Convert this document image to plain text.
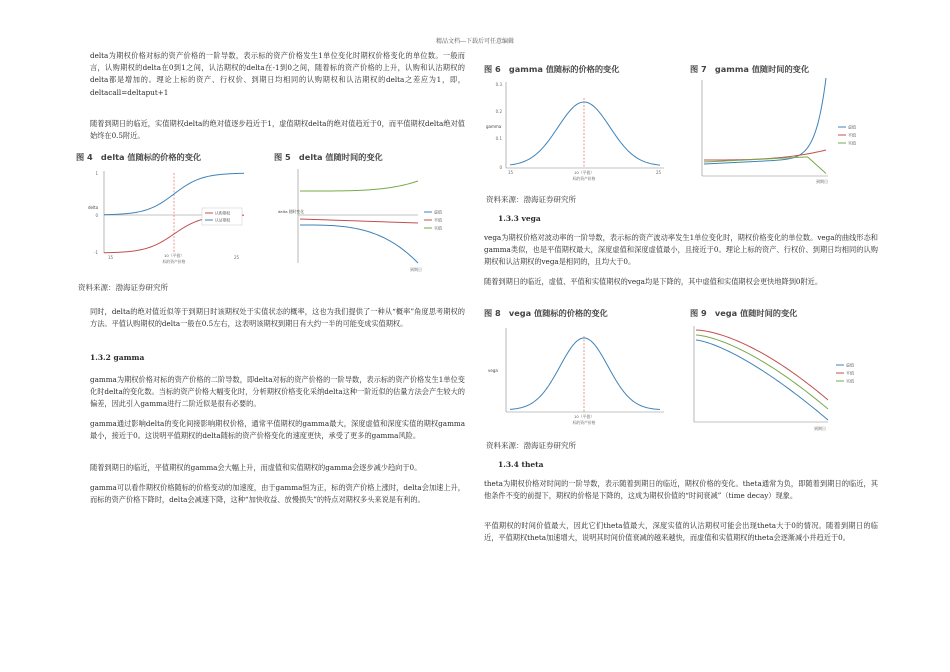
精品文档---下载后可任意编辑

delta为期权价格对标的资产价格的一阶导数，表示标的资产价格发生1单位变化时期权价格变化的单位数。一般而言，认购期权的delta在0到1之间，认沽期权的delta在-1到0之间，随着标的资产价格的上升，认购和认沽期权的delta都是增加的。理论上标的资产、行权价、到期日均相同的认购期权和认沽期权的delta之差应为1，即，deltacall=deltaput+1

随着到期日的临近，实值期权delta的绝对值逐步趋近于1，虚值期权delta的绝对值趋近于0，而平值期权delta绝对值始终在0.5附近。

图 4　delta 值随标的价格的变化	图 5　delta 值随时间的变化
1
0
-1
delta
15	25
10（平值）
标的资产价格
认购期权
认沽期权
delta 随时变化
到期日
虚值
平值
实值
资料来源：渤海证券研究所

同时，delta的绝对值近似等于到期日时该期权处于实值状态的概率，这也为我们提供了一种从“概率”角度思考期权的方法。平值认购期权的delta一般在0.5左右，这表明该期权到期日有大约一半的可能变成实值期权。

1.3.2 gamma

gamma为期权价格对标的资产价格的二阶导数，即delta对标的资产价格的一阶导数，表示标的资产价格发生1单位变化时delta的变化数。当标的资产价格大幅变化时，分析期权价格变化采纳delta这种一阶近似的估量方法会产生较大的偏差，因此引入gamma进行二阶近似是很有必要的。

gamma通过影响delta的变化间接影响期权价格，通常平值期权的gamma最大，深度虚值和深度实值的期权gamma最小，接近于0。这说明平值期权的delta随标的资产价格变化的速度更快，承受了更多的gamma风险。

随着到期日的临近，平值期权的gamma会大幅上升，而虚值和实值期权的gamma会逐步减少趋向于0。

gamma可以看作期权价格随标的价格变动的加速度，由于gamma恒为正，标的资产价格上涨时，delta会加速上升，而标的资产价格下降时，delta会减速下降，这种“加快收益、放慢损失”的特点对期权多头来说是有利的。

图 6　gamma 值随标的价格的变化	图 7　gamma 值随时间的变化
0.3
0.2
0.1
0
gamma
15	25
10（平值）
标的资产价格
到期日
虚值
平值
实值
资料来源：渤海证券研究所
1.3.3 vega

vega为期权价格对波动率的一阶导数，表示标的资产波动率发生1单位变化时，期权价格变化的单位数。vega的曲线形态和gamma类似，也是平值期权最大，深度虚值和深度虚值最小，且接近于0。理论上标的资产、行权价、到期日均相同的认购期权和认沽期权的vega是相同的，且均大于0。

随着到期日的临近，虚值、平值和实值期权的vega均是下降的，其中虚值和实值期权会更快地降到0附近。

图 8　vega 值随标的价格的变化	图 9　vega 值随时间的变化
vega
10（平值）
标的资产价格
到期日
虚值
平值
实值
资料来源：渤海证券研究所
1.3.4 theta

theta为期权价格对时间的一阶导数，表示随着到期日的临近，期权价格的变化。theta通常为负，即随着到期日的临近，其他条件不变的前提下，期权的价格是下降的，这成为期权价值的“时间衰减”（time decay）现象。

平值期权的时间价值最大，因此它们theta值最大，深度实值的认沽期权可能会出现theta大于0的情况。随着到期日的临近，平值期权theta加速增大，说明其时间价值衰减的越来越快，而虚值和实值期权的theta会逐渐减小并趋近于0。
